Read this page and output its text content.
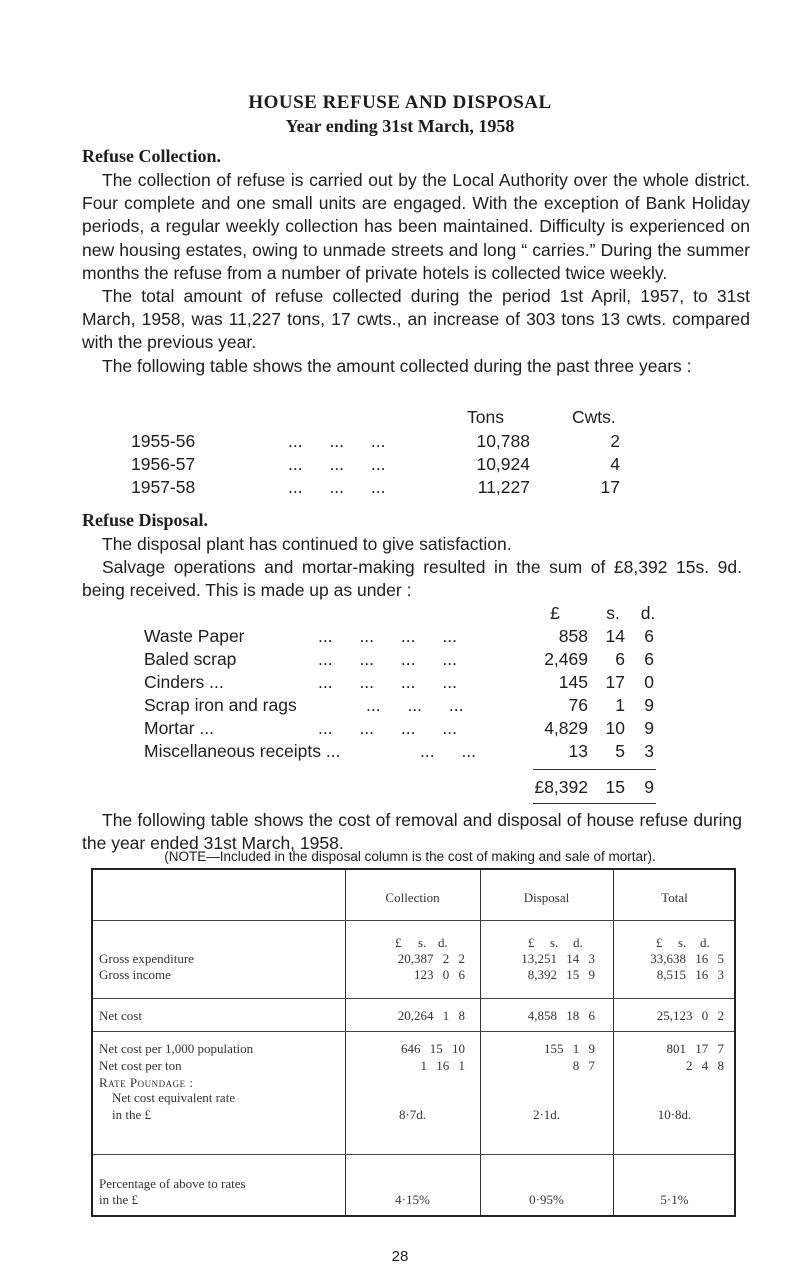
HOUSE REFUSE AND DISPOSAL
Year ending 31st March, 1958
Refuse Collection.

The collection of refuse is carried out by the Local Authority over the whole district. Four complete and one small units are engaged. With the exception of Bank Holiday periods, a regular weekly collection has been maintained. Difficulty is experienced on new housing estates, owing to unmade streets and long “ carries.” During the summer months the refuse from a number of private hotels is collected twice weekly.

The total amount of refuse collected during the period 1st April, 1957, to 31st March, 1958, was 11,227 tons, 17 cwts., an increase of 303 tons 13 cwts. compared with the previous year.

The following table shows the amount collected during the past three years :

Tons	Cwts.
1955-56	... ... ...	10,788	2
1956-57	... ... ...	10,924	4
1957-58	... ... ...	11,227	17
Refuse Disposal.

The disposal plant has continued to give satisfaction.

Salvage operations and mortar-making resulted in the sum of £8,392 15s. 9d. being received. This is made up as under :

£	s.	d.
Waste Paper	... ... ... ...	858	14	6
Baled scrap	... ... ... ...	2,469	6	6
Cinders ...	... ... ... ...	145	17	0
Scrap iron and rags	... ... ...	76	1	9
Mortar ...	... ... ... ...	4,829	10	9
Miscellaneous receipts ...	... ...	13	5	3
£8,392	15	9

The following table shows the cost of removal and disposal of house refuse during the year ended 31st March, 1958.

(NOTE—Included in the disposal column is the cost of making and sale of mortar).
Collection	Disposal	Total
£ s. d.	£ s. d.	£ s. d.
Gross expenditure	20,387 2 2	13,251 14 3	33,638 16 5
Gross income	123 0 6	8,392 15 9	8,515 16 3
Net cost	20,264 1 8	4,858 18 6	25,123 0 2
Net cost per 1,000 population	646 15 10	155 1 9	801 17 7
Net cost per ton	1 16 1	8 7	2 4 8
Rate Poundage :
Net cost equivalent rate
in the £	8·7d.	2·1d.	10·8d.
Percentage of above to rates
in the £	4·15%	0·95%	5·1%
28
